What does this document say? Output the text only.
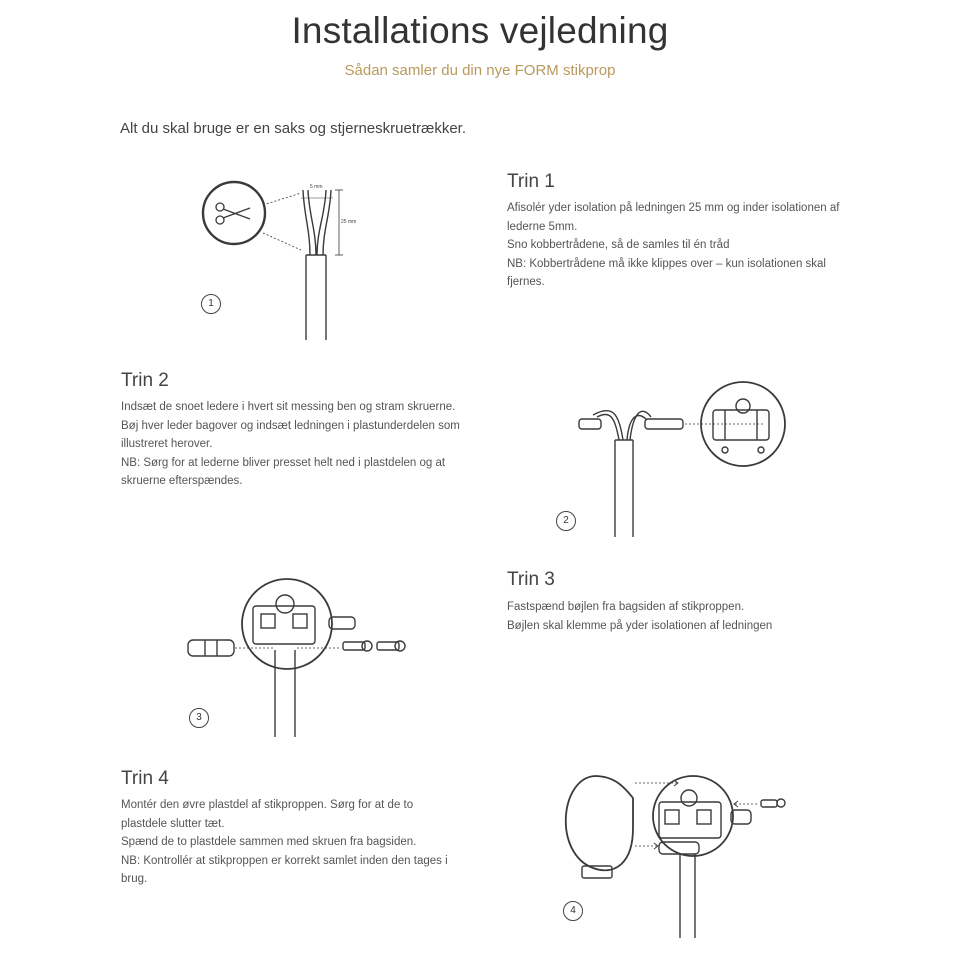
Installations vejledning
Sådan samler du din nye FORM stikprop
Alt du skal bruge er en saks og stjerneskruetrækker.
Trin 1
Afisolér yder isolation på ledningen 25 mm og inder isolationen af
lederne 5mm.
Sno kobbertrådene, så de samles til én tråd
NB: Kobbertrådene må ikke klippes over – kun isolationen skal
fjernes.
5 mm
25 mm
1
Trin 2
Indsæt de snoet ledere i hvert sit messing ben og stram skruerne.
Bøj hver leder bagover og indsæt ledningen i plastunderdelen som
illustreret herover.
NB: Sørg for at lederne bliver presset helt ned i plastdelen og at
skruerne efterspændes.
2
Trin 3
Fastspænd bøjlen fra bagsiden af stikproppen.
Bøjlen skal klemme på yder isolationen af ledningen
3
Trin 4
Montér den øvre plastdel af stikproppen. Sørg for at de to
plastdele slutter tæt.
Spænd de to plastdele sammen med skruen fra bagsiden.
NB: Kontrollér at stikproppen er korrekt samlet inden den tages i
brug.
4
